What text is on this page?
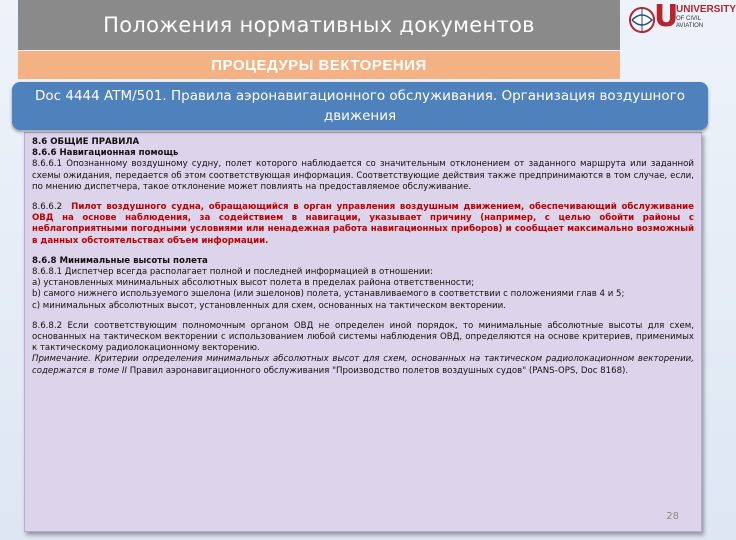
Положения нормативных документов	U
UNIVERSITY
OF CIVIL AVIATION
ПРОЦЕДУРЫ ВЕКТОРЕНИЯ
Doc 4444 ATM/501. Правила аэронавигационного обслуживания. Организация воздушного движения

8.6 ОБЩИЕ ПРАВИЛА

8.6.6 Навигационная помощь

8.6.6.1 Опознанному воздушному судну, полет которого наблюдается со значительным отклонением от заданного маршрута или заданной схемы ожидания, передается об этом соответствующая информация. Соответствующие действия также предпринимаются в том случае, если, по мнению диспетчера, такое отклонение может повлиять на предоставляемое обслуживание.

8.6.6.2 Пилот воздушного судна, обращающийся в орган управления воздушным движением, обеспечивающий обслуживание ОВД на основе наблюдения, за содействием в навигации, указывает причину (например, с целью обойти районы с неблагоприятными погодными условиями или ненадежная работа навигационных приборов) и сообщает максимально возможный в данных обстоятельствах объем информации.

8.6.8 Минимальные высоты полета

8.6.8.1 Диспетчер всегда располагает полной и последней информацией в отношении:

a) установленных минимальных абсолютных высот полета в пределах района ответственности;

b) самого нижнего используемого эшелона (или эшелонов) полета, устанавливаемого в соответствии с положениями глав 4 и 5;

c) минимальных абсолютных высот, установленных для схем, основанных на тактическом векторении.

8.6.8.2 Если соответствующим полномочным органом ОВД не определен иной порядок, то минимальные абсолютные высоты для схем, основанных на тактическом векторении с использованием любой системы наблюдения ОВД, определяются на основе критериев, применимых к тактическому радиолокационному векторению.

Примечание. Критерии определения минимальных абсолютных высот для схем, основанных на тактическом радиолокационном векторении, содержатся в томе II Правил аэронавигационного обслуживания "Производство полетов воздушных судов" (PANS-OPS, Doc 8168).

28
